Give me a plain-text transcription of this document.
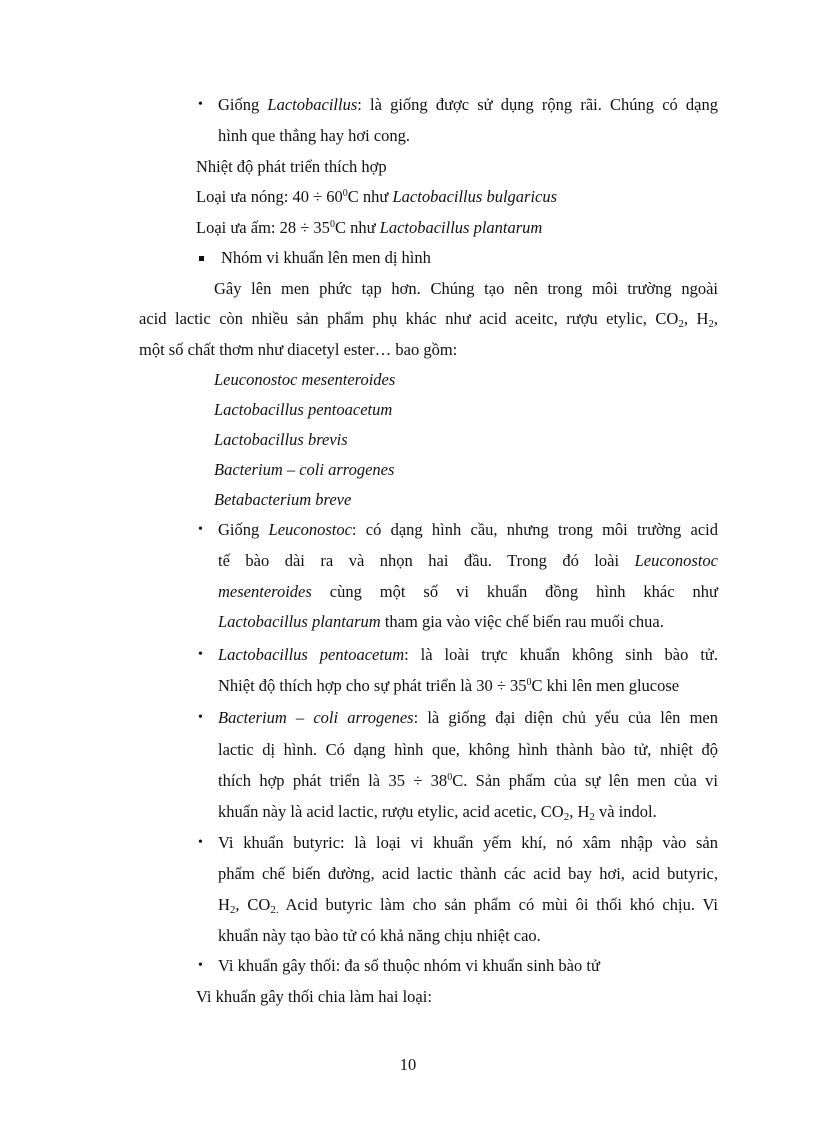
• Giống Lactobacillus: là giống được sử dụng rộng rãi. Chúng có dạng
hình que thẳng hay hơi cong.
Nhiệt độ phát triển thích hợp
Loại ưa nóng: $40 \div 60^0C$ như Lactobacillus bulgaricus
Loại ưa ấm: $28 \div 35^0C$ như Lactobacillus plantarum
Nhóm vi khuẩn lên men dị hình
Gây lên men phức tạp hơn. Chúng tạo nên trong môi trường ngoài
acid lactic còn nhiều sản phẩm phụ khác như acid aceitc, rượu etylic, $CO_2$, $H_2$,
một số chất thơm như diacetyl ester… bao gồm:
Leuconostoc mesenteroides
Lactobacillus pentoacetum
Lactobacillus brevis
Bacterium – coli arrogenes
Betabacterium breve
• Giống Leuconostoc: có dạng hình cầu, nhưng trong môi trường acid
tế bào dài ra và nhọn hai đầu. Trong đó loài Leuconostoc
mesenteroides cùng một số vi khuẩn đồng hình khác như
Lactobacillus plantarum tham gia vào việc chế biến rau muối chua.
• Lactobacillus pentoacetum: là loài trực khuẩn không sinh bào tử.
Nhiệt độ thích hợp cho sự phát triển là $30 \div 35^0C$ khi lên men glucose
• Bacterium – coli arrogenes: là giống đại diện chủ yếu của lên men
lactic dị hình. Có dạng hình que, không hình thành bào tử, nhiệt độ
thích hợp phát triển là $35 \div 38^0C$. Sản phẩm của sự lên men của vi
khuẩn này là acid lactic, rượu etylic, acid acetic, $CO_2$, $H_2$ và indol.
• Vi khuẩn butyric: là loại vi khuẩn yếm khí, nó xâm nhập vào sản
phẩm chế biến đường, acid lactic thành các acid bay hơi, acid butyric,
$H_2$, $CO_{2.}$ Acid butyric làm cho sản phẩm có mùi ôi thối khó chịu. Vi
khuẩn này tạo bào tử có khả năng chịu nhiệt cao.
• Vi khuẩn gây thối: đa số thuộc nhóm vi khuẩn sinh bào tử
Vi khuẩn gây thối chia làm hai loại:
10
